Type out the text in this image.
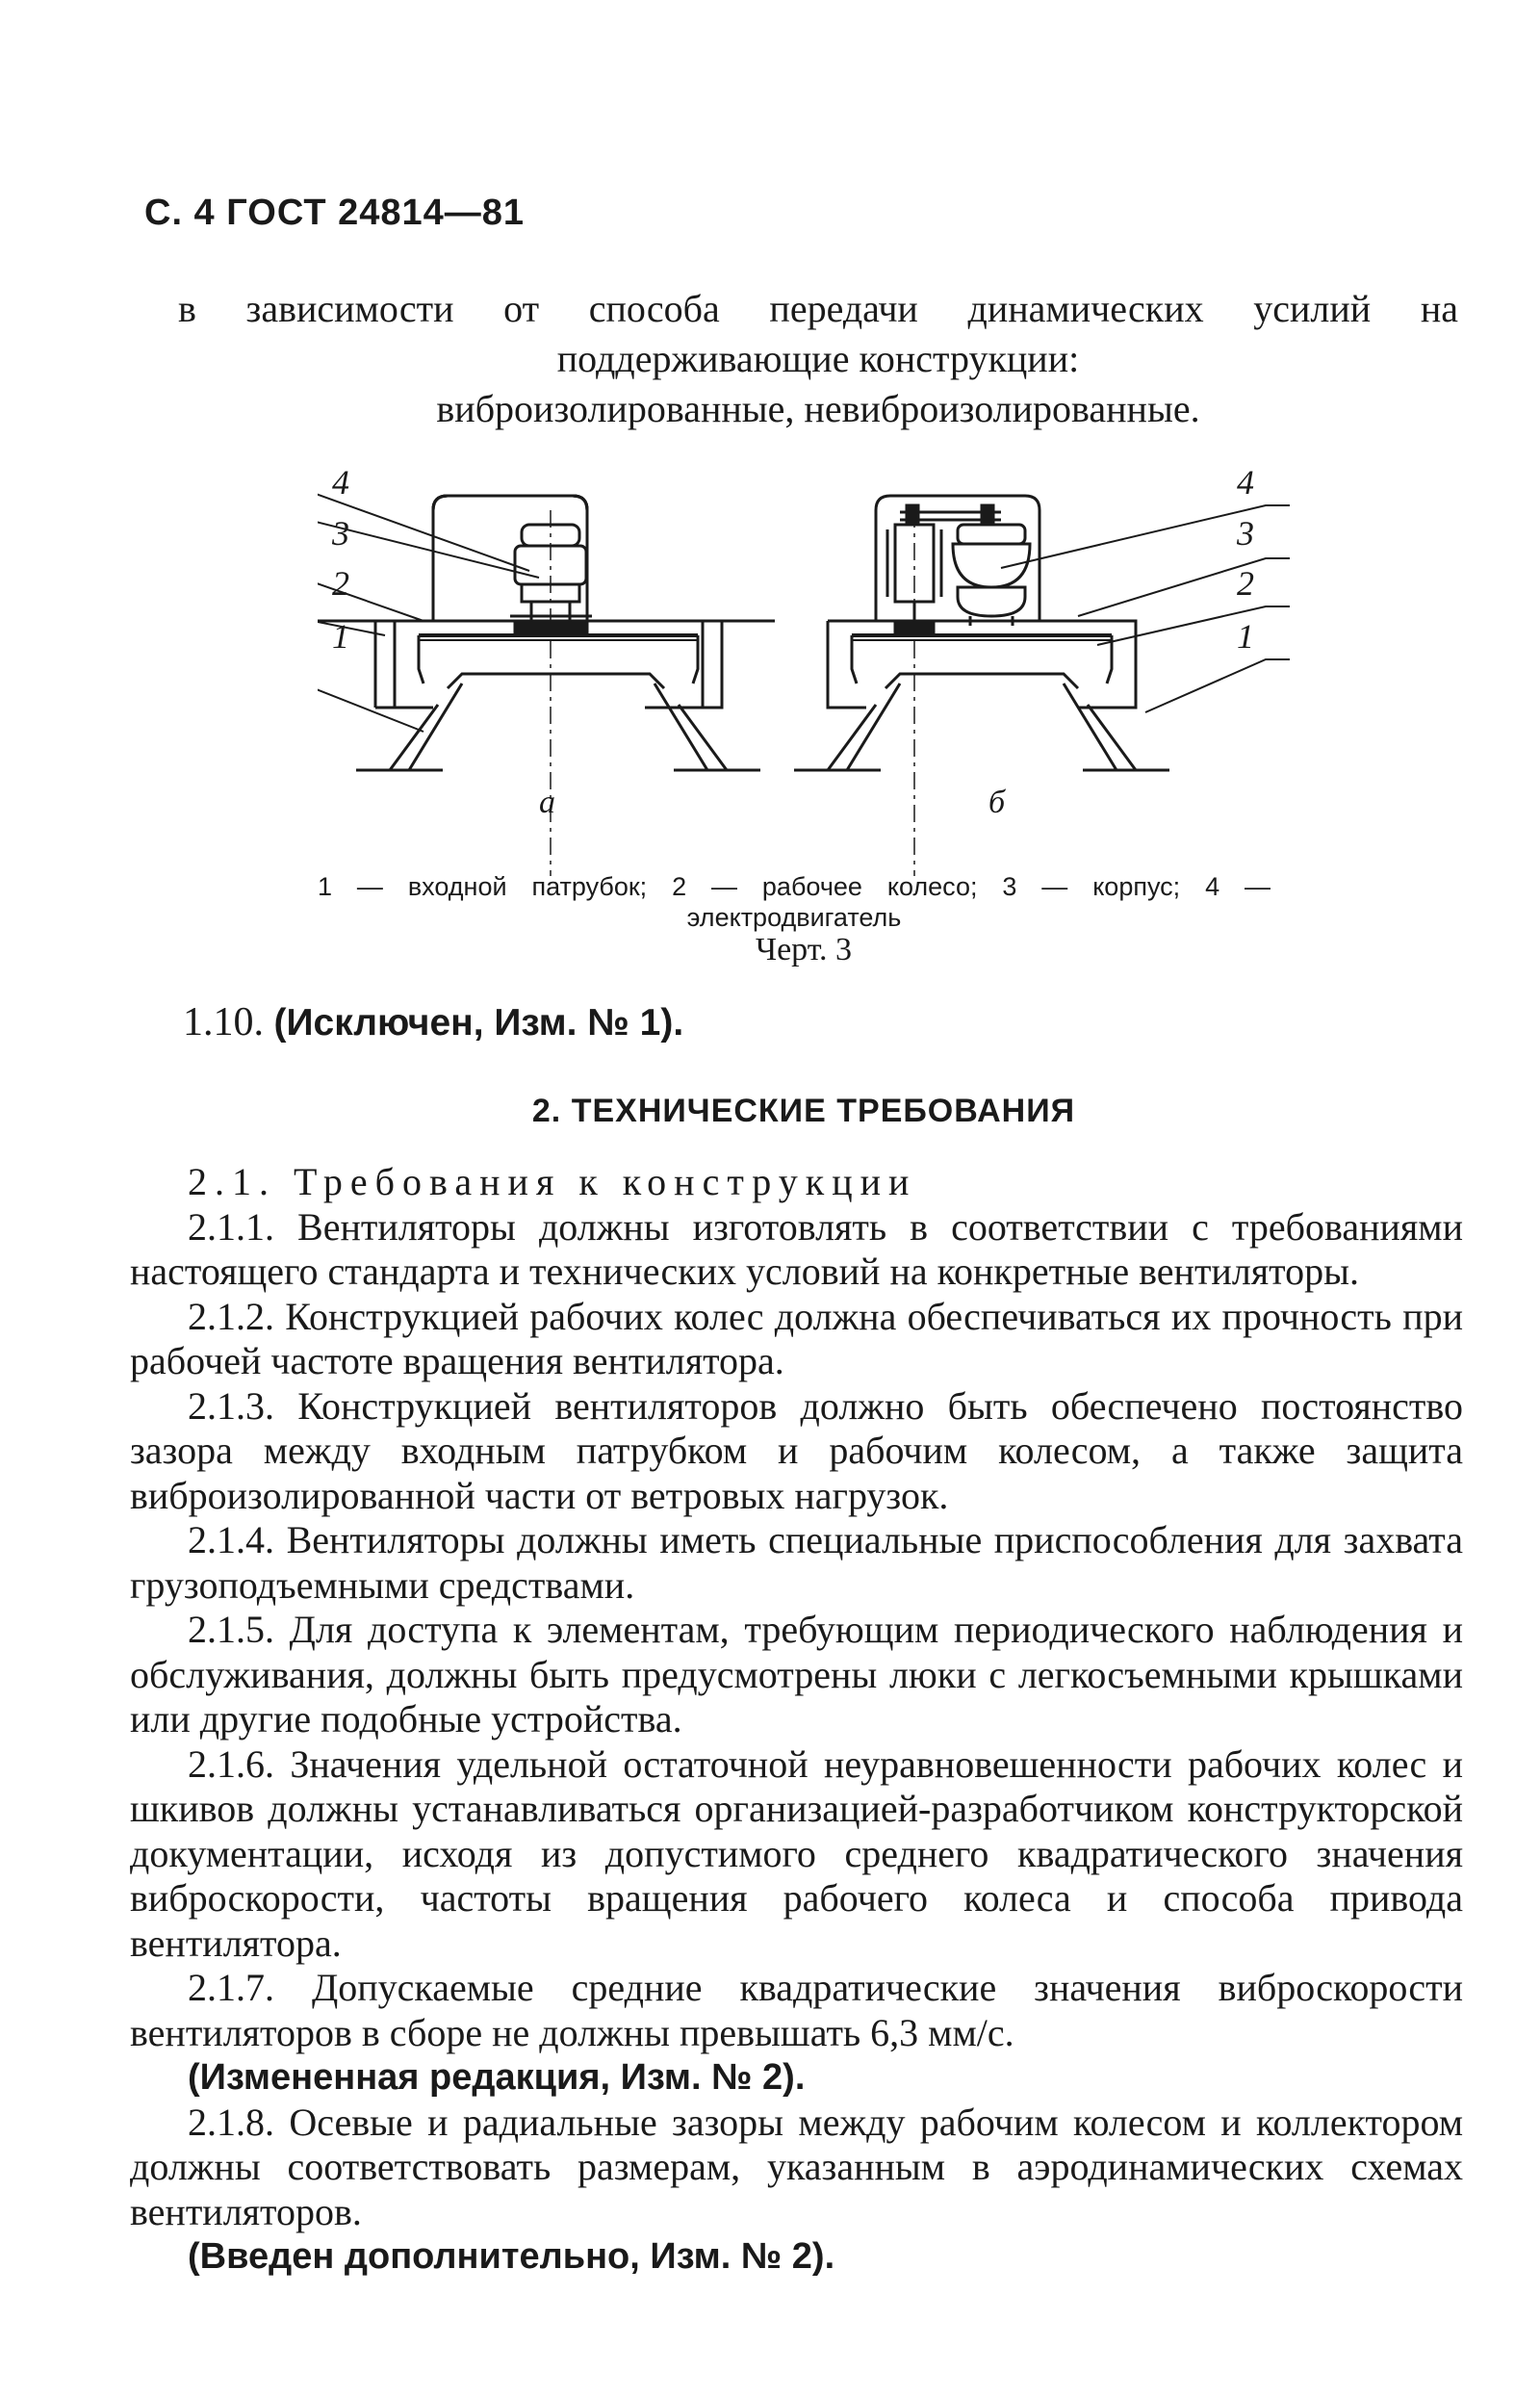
С. 4 ГОСТ 24814—81
в зависимости от способа передачи динамических усилий на
поддерживающие конструкции:
виброизолированные, невиброизолированные.
4
3
2
1
4
3
2
1
а	б
1 — входной патрубок; 2 — рабочее колесо; 3 — корпус; 4 —
электродвигатель
Черт. 3
1.10. (Исключен, Изм. № 1).
2. ТЕХНИЧЕСКИЕ ТРЕБОВАНИЯ

2.1. Требования к конструкции

2.1.1. Вентиляторы должны изготовлять в соответствии с требованиями настоящего стандарта и технических условий на конкретные вентиляторы.

2.1.2. Конструкцией рабочих колес должна обеспечиваться их прочность при рабочей частоте вращения вентилятора.

2.1.3. Конструкцией вентиляторов должно быть обеспечено постоянство зазора между входным патрубком и рабочим колесом, а также защита виброизолированной части от ветровых нагрузок.

2.1.4. Вентиляторы должны иметь специальные приспособления для захвата грузоподъемными средствами.

2.1.5. Для доступа к элементам, требующим периодического наблюдения и обслуживания, должны быть предусмотрены люки с легкосъемными крышками или другие подобные устройства.

2.1.6. Значения удельной остаточной неуравновешенности рабочих колес и шкивов должны устанавливаться организацией-разработчиком конструкторской документации, исходя из допустимого среднего квадратического значения виброскорости, частоты вращения рабочего колеса и способа привода вентилятора.

2.1.7. Допускаемые средние квадратические значения виброскорости вентиляторов в сборе не должны превышать 6,3 мм/с.

(Измененная редакция, Изм. № 2).

2.1.8. Осевые и радиальные зазоры между рабочим колесом и коллектором должны соответствовать размерам, указанным в аэродинамических схемах вентиляторов.

(Введен дополнительно, Изм. № 2).
